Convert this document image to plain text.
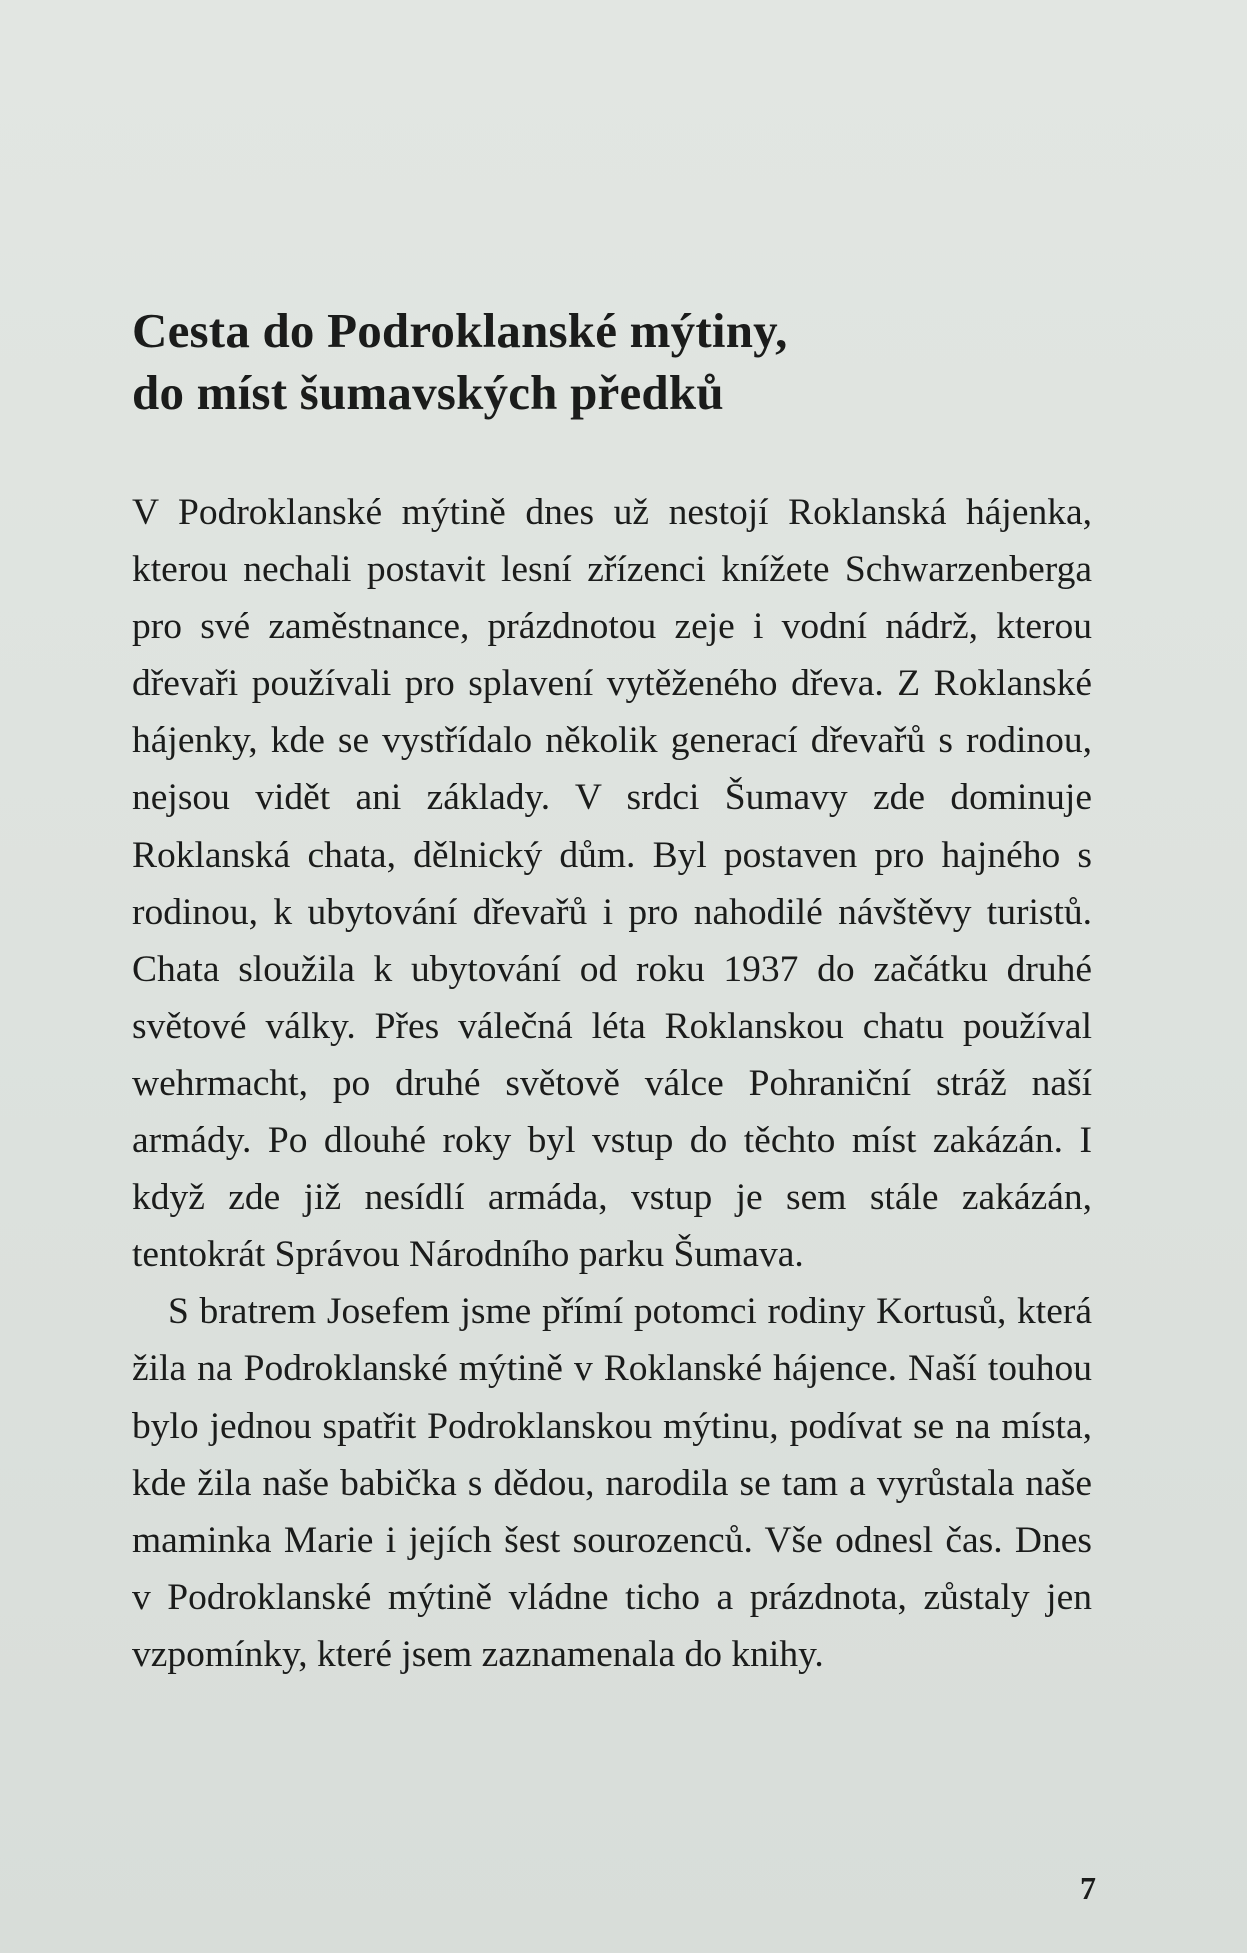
Cesta do Podroklanské mýtiny,
do míst šumavských předků

V Podroklanské mýtině dnes už nestojí Roklanská hájenka, kterou nechali postavit lesní zřízenci knížete Schwarzenberga pro své zaměstnance, prázdnotou zeje i vodní nádrž, kterou dřevaři používali pro splavení vytěženého dřeva. Z Roklanské hájenky, kde se vystřídalo několik generací dřevařů s rodinou, nejsou vidět ani základy. V srdci Šumavy zde dominuje Roklanská chata, dělnický dům. Byl postaven pro hajného s rodinou, k ubytování dřevařů i pro nahodilé návštěvy turistů. Chata sloužila k ubytování od roku 1937 do začátku druhé světové války. Přes válečná léta Roklanskou chatu používal wehrmacht, po druhé světově válce Pohraniční stráž naší armády. Po dlouhé roky byl vstup do těchto míst zakázán. I když zde již nesídlí armáda, vstup je sem stále zakázán, tentokrát Správou Národního parku Šumava.

S bratrem Josefem jsme přímí potomci rodiny Kortusů, která žila na Podroklanské mýtině v Roklanské hájence. Naší touhou bylo jednou spatřit Podroklanskou mýtinu, podívat se na místa, kde žila naše babička s dědou, narodila se tam a vyrůstala naše maminka Marie i jejích šest sourozenců. Vše odnesl čas. Dnes v Podroklanské mýtině vládne ticho a prázdnota, zůstaly jen vzpomínky, které jsem zaznamenala do knihy.

7
